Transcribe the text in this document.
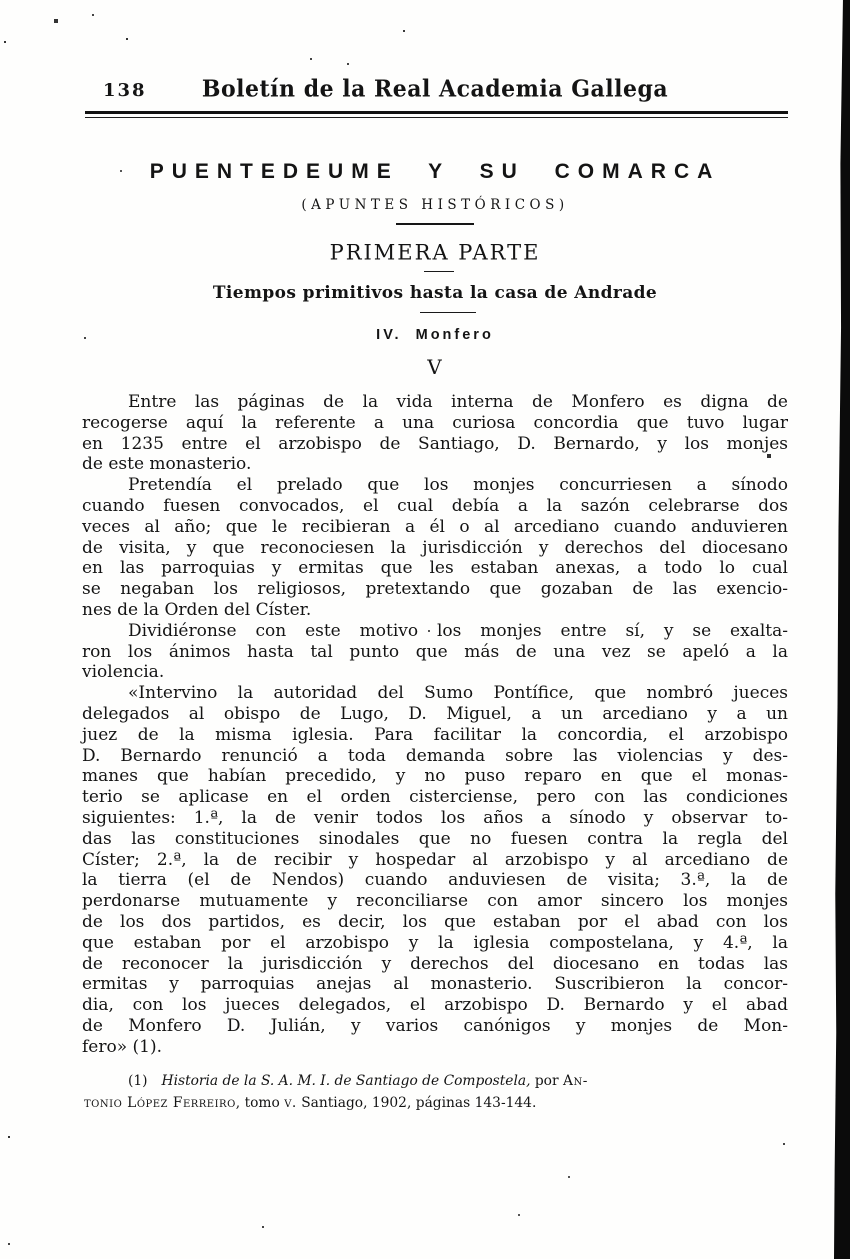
138	Boletín de la Real Academia Gallega
PUENTEDEUME Y SU COMARCA
(APUNTES HISTÓRICOS)
PRIMERA PARTE
Tiempos primitivos hasta la casa de Andrade
IV.  Monfero
V
Entre las páginas de la vida interna de Monfero es digna de
recogerse aquí la referente a una curiosa concordia que tuvo lugar
en 1235 entre el arzobispo de Santiago, D. Bernardo, y los monjes
de este monasterio.
Pretendía el prelado que los monjes concurriesen a sínodo
cuando fuesen convocados, el cual debía a la sazón celebrarse dos
veces al año; que le recibieran a él o al arcediano cuando anduvieren
de visita, y que reconociesen la jurisdicción y derechos del diocesano
en las parroquias y ermitas que les estaban anexas, a todo lo cual
se negaban los religiosos, pretextando que gozaban de las exencio-
nes de la Orden del Císter.
Dividiéronse con este motivo los monjes entre sí, y se exalta-
ron los ánimos hasta tal punto que más de una vez se apeló a la
violencia.
«Intervino la autoridad del Sumo Pontífice, que nombró jueces
delegados al obispo de Lugo, D. Miguel, a un arcediano y a un
juez de la misma iglesia. Para facilitar la concordia, el arzobispo
D. Bernardo renunció a toda demanda sobre las violencias y des-
manes que habían precedido, y no puso reparo en que el monas-
terio se aplicase en el orden cisterciense, pero con las condiciones
siguientes: 1.ª, la de venir todos los años a sínodo y observar to-
das las constituciones sinodales que no fuesen contra la regla del
Císter; 2.ª, la de recibir y hospedar al arzobispo y al arcediano de
la tierra (el de Nendos) cuando anduviesen de visita; 3.ª, la de
perdonarse mutuamente y reconciliarse con amor sincero los monjes
de los dos partidos, es decir, los que estaban por el abad con los
que estaban por el arzobispo y la iglesia compostelana, y 4.ª, la
de reconocer la jurisdicción y derechos del diocesano en todas las
ermitas y parroquias anejas al monasterio. Suscribieron la concor-
dia, con los jueces delegados, el arzobispo D. Bernardo y el abad
de Monfero D. Julián, y varios canónigos y monjes de Mon-
fero» (1).
(1) Historia de la S. A. M. I. de Santiago de Compostela, por An-
tonio López Ferreiro, tomo v. Santiago, 1902, páginas 143-144.
